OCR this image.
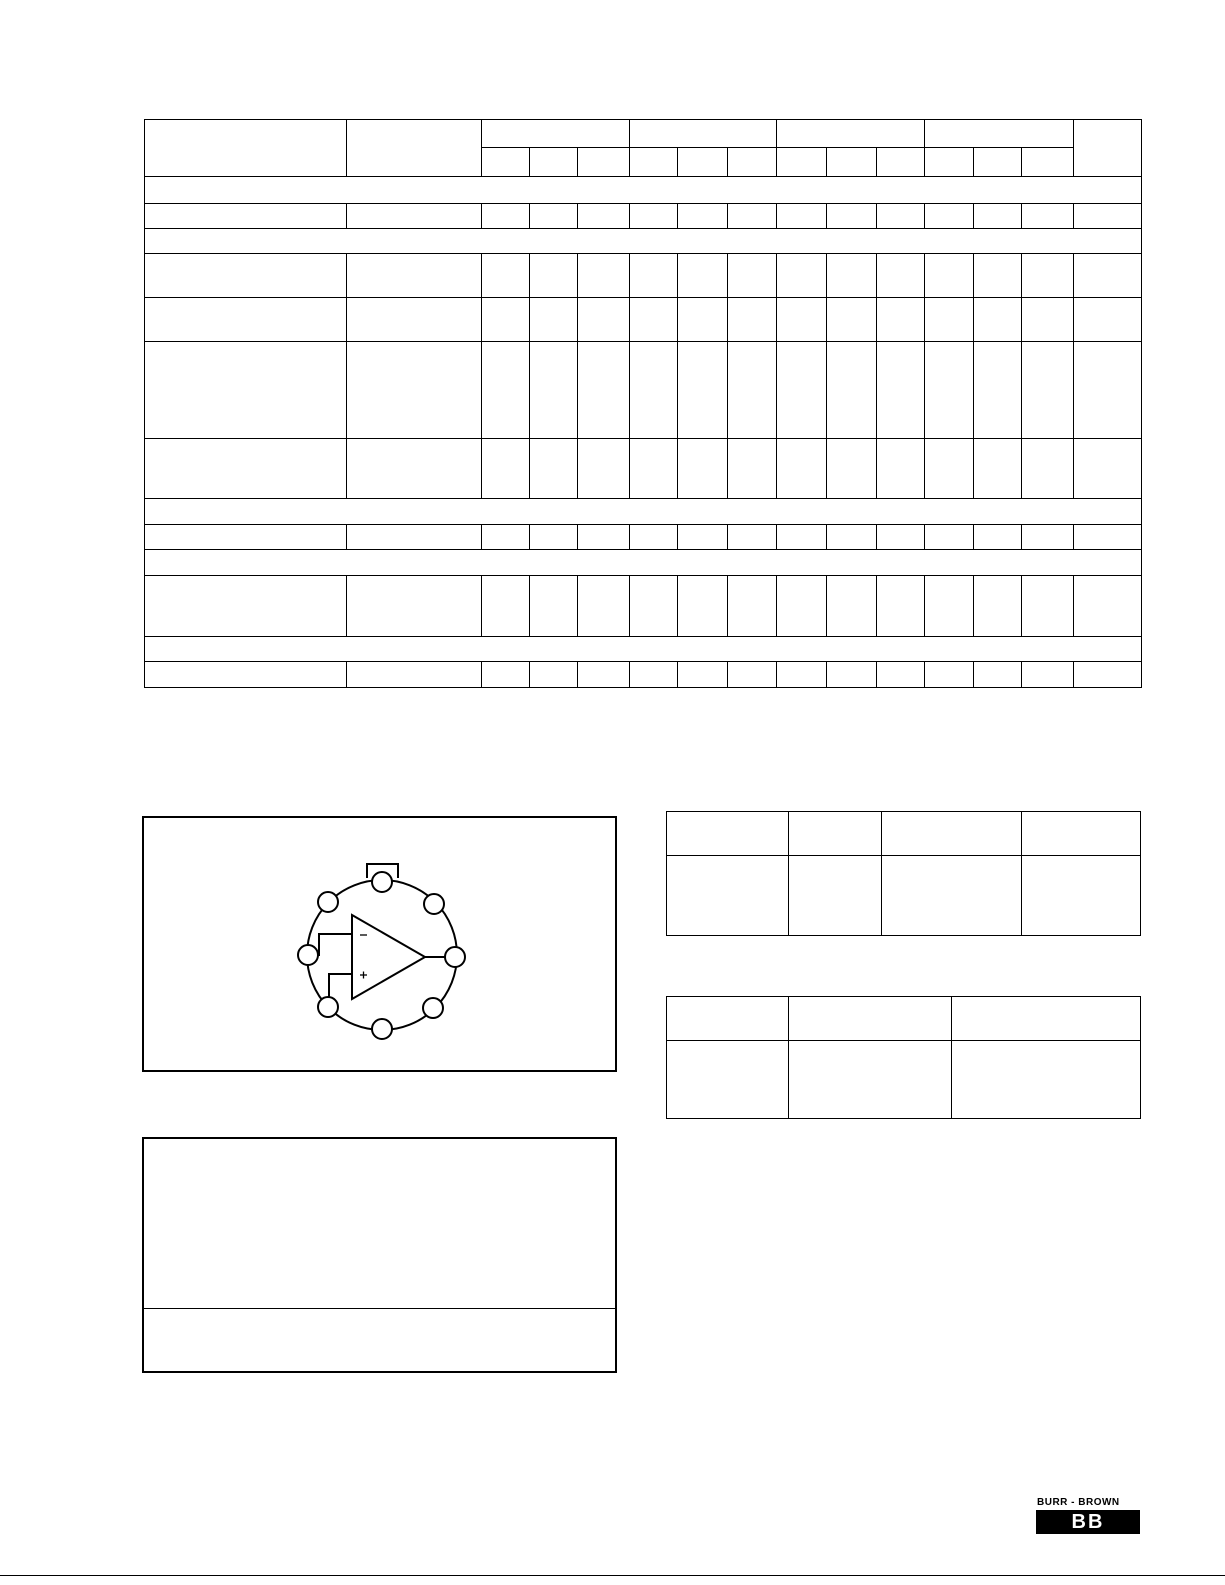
BURR - BROWN
BB
